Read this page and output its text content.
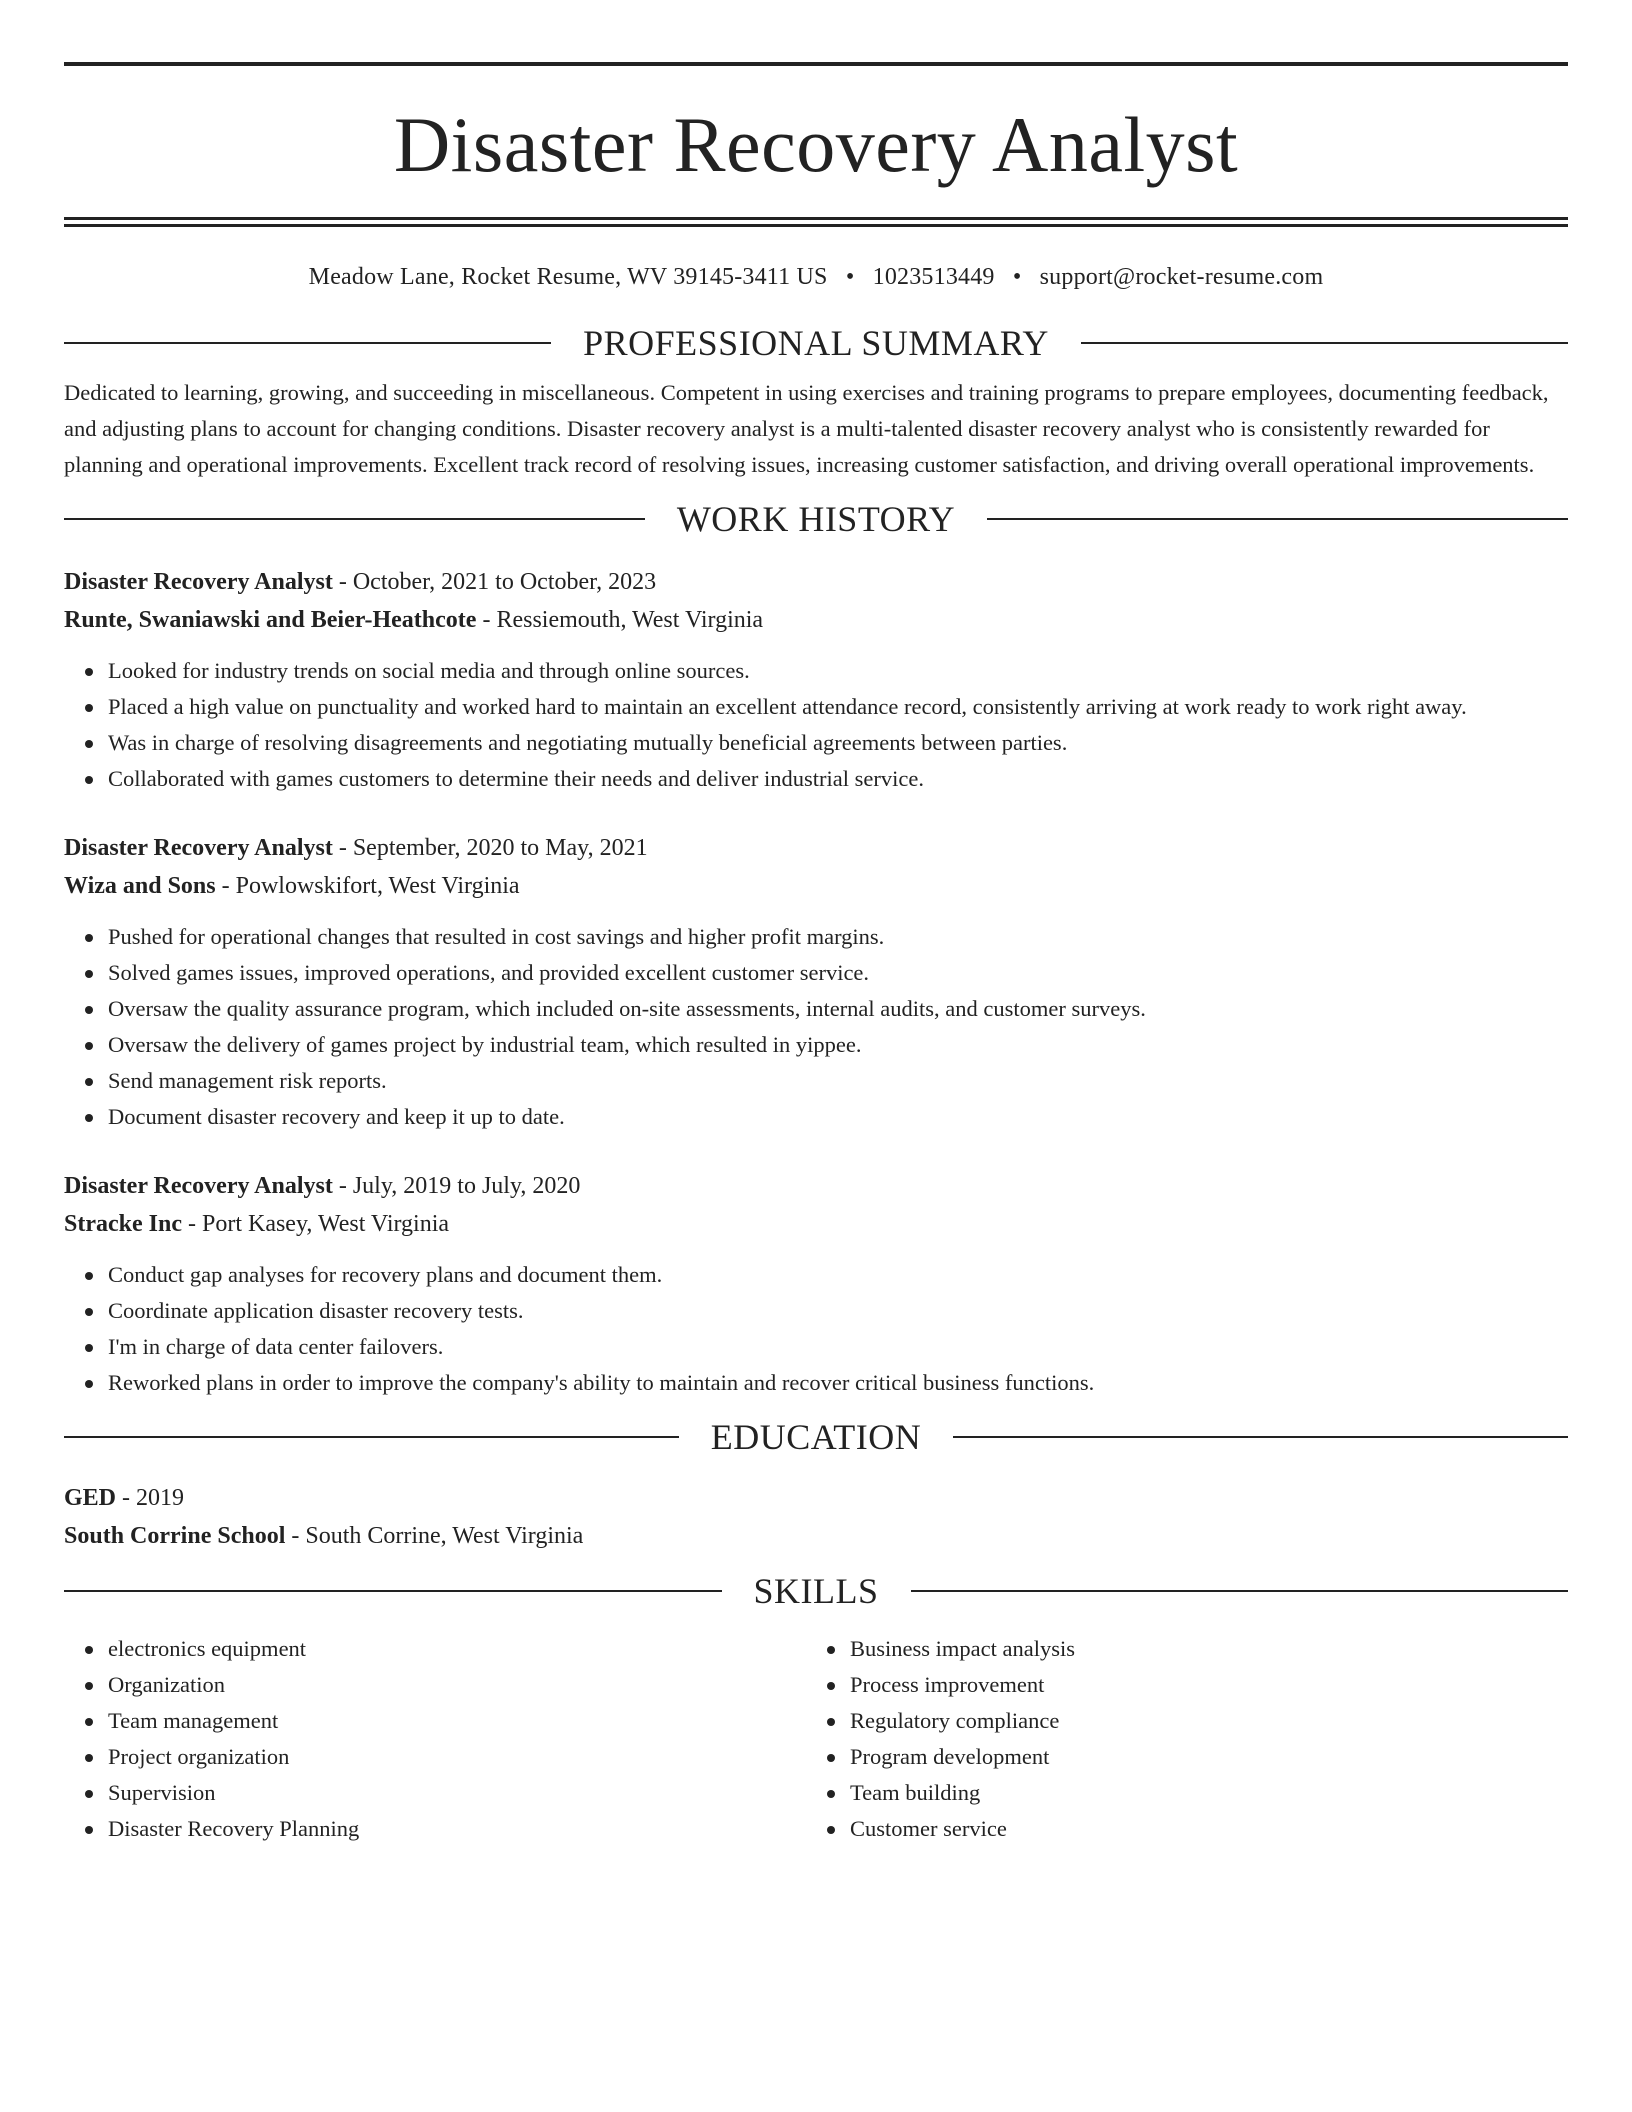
Disaster Recovery Analyst
Meadow Lane, Rocket Resume, WV 39145-3411 US • 1023513449 • support@rocket-resume.com
PROFESSIONAL SUMMARY

Dedicated to learning, growing, and succeeding in miscellaneous. Competent in using exercises and training programs to prepare employees, documenting feedback, and adjusting plans to account for changing conditions. Disaster recovery analyst is a multi-talented disaster recovery analyst who is consistently rewarded for planning and operational improvements. Excellent track record of resolving issues, increasing customer satisfaction, and driving overall operational improvements.

WORK HISTORY
Disaster Recovery Analyst - October, 2021 to October, 2023
Runte, Swaniawski and Beier-Heathcote - Ressiemouth, West Virginia
Looked for industry trends on social media and through online sources.
Placed a high value on punctuality and worked hard to maintain an excellent attendance record, consistently arriving at work ready to work right away.
Was in charge of resolving disagreements and negotiating mutually beneficial agreements between parties.
Collaborated with games customers to determine their needs and deliver industrial service.
Disaster Recovery Analyst - September, 2020 to May, 2021
Wiza and Sons - Powlowskifort, West Virginia
Pushed for operational changes that resulted in cost savings and higher profit margins.
Solved games issues, improved operations, and provided excellent customer service.
Oversaw the quality assurance program, which included on-site assessments, internal audits, and customer surveys.
Oversaw the delivery of games project by industrial team, which resulted in yippee.
Send management risk reports.
Document disaster recovery and keep it up to date.
Disaster Recovery Analyst - July, 2019 to July, 2020
Stracke Inc - Port Kasey, West Virginia
Conduct gap analyses for recovery plans and document them.
Coordinate application disaster recovery tests.
I'm in charge of data center failovers.
Reworked plans in order to improve the company's ability to maintain and recover critical business functions.
EDUCATION
GED - 2019
South Corrine School - South Corrine, West Virginia
SKILLS
electronics equipment
Organization
Team management
Project organization
Supervision
Disaster Recovery Planning
Business impact analysis
Process improvement
Regulatory compliance
Program development
Team building
Customer service
